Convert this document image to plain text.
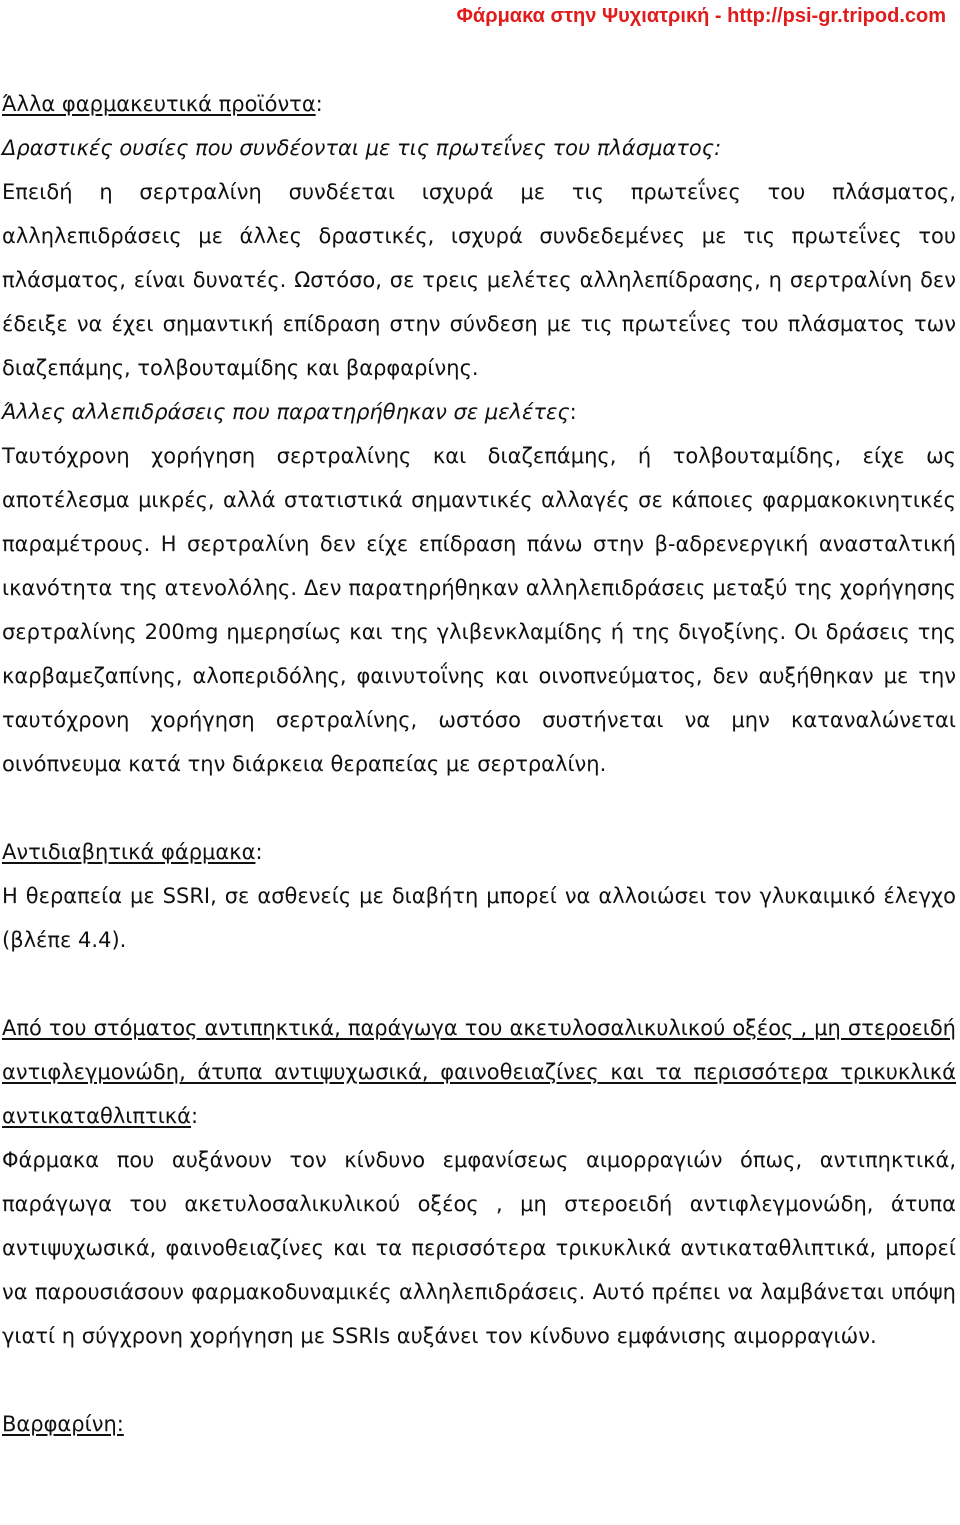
Φάρμακα στην Ψυχιατρική - http://psi-gr.tripod.com

Άλλα φαρμακευτικά προϊόντα:

Δραστικές ουσίες που συνδέονται με τις πρωτεΐνες του πλάσματος:

Επειδή η σερτραλίνη συνδέεται ισχυρά με τις πρωτεΐνες του πλάσματος, αλληλεπιδράσεις με άλλες δραστικές, ισχυρά συνδεδεμένες με τις πρωτεΐνες του πλάσματος, είναι δυνατές. Ωστόσο, σε τρεις μελέτες αλληλεπίδρασης, η σερτραλίνη δεν έδειξε να έχει σημαντική επίδραση στην σύνδεση με τις πρωτεΐνες του πλάσματος των διαζεπάμης, τολβουταμίδης και βαρφαρίνης.

Άλλες αλλεπιδράσεις που παρατηρήθηκαν σε μελέτες:

Ταυτόχρονη χορήγηση σερτραλίνης και διαζεπάμης, ή τολβουταμίδης, είχε ως αποτέλεσμα μικρές, αλλά στατιστικά σημαντικές αλλαγές σε κάποιες φαρμακοκινητικές παραμέτρους. Η σερτραλίνη δεν είχε επίδραση πάνω στην β-αδρενεργική ανασταλτική ικανότητα της ατενολόλης. Δεν παρατηρήθηκαν αλληλεπιδράσεις μεταξύ της χορήγησης σερτραλίνης 200mg ημερησίως και της γλιβενκλαμίδης ή της διγοξίνης. Οι δράσεις της καρβαμεζαπίνης, αλοπεριδόλης, φαινυτοΐνης και οινοπνεύματος, δεν αυξήθηκαν με την ταυτόχρονη χορήγηση σερτραλίνης, ωστόσο συστήνεται να μην καταναλώνεται οινόπνευμα κατά την διάρκεια θεραπείας με σερτραλίνη.

Αντιδιαβητικά φάρμακα:

Η θεραπεία με SSRI, σε ασθενείς με διαβήτη μπορεί να αλλοιώσει τον γλυκαιμικό έλεγχο (βλέπε 4.4).

Από του στόματος αντιπηκτικά, παράγωγα του ακετυλοσαλικυλικού οξέος , μη στεροειδή αντιφλεγμονώδη, άτυπα αντιψυχωσικά, φαινοθειαζίνες και τα περισσότερα τρικυκλικά αντικαταθλιπτικά:

Φάρμακα που αυξάνουν τον κίνδυνο εμφανίσεως αιμορραγιών όπως, αντιπηκτικά, παράγωγα του ακετυλοσαλικυλικού οξέος , μη στεροειδή αντιφλεγμονώδη, άτυπα αντιψυχωσικά, φαινοθειαζίνες και τα περισσότερα τρικυκλικά αντικαταθλιπτικά, μπορεί να παρουσιάσουν φαρμακοδυναμικές αλληλεπιδράσεις. Αυτό πρέπει να λαμβάνεται υπόψη γιατί η σύγχρονη χορήγηση με SSRIs αυξάνει τον κίνδυνο εμφάνισης αιμορραγιών.

Βαρφαρίνη:
